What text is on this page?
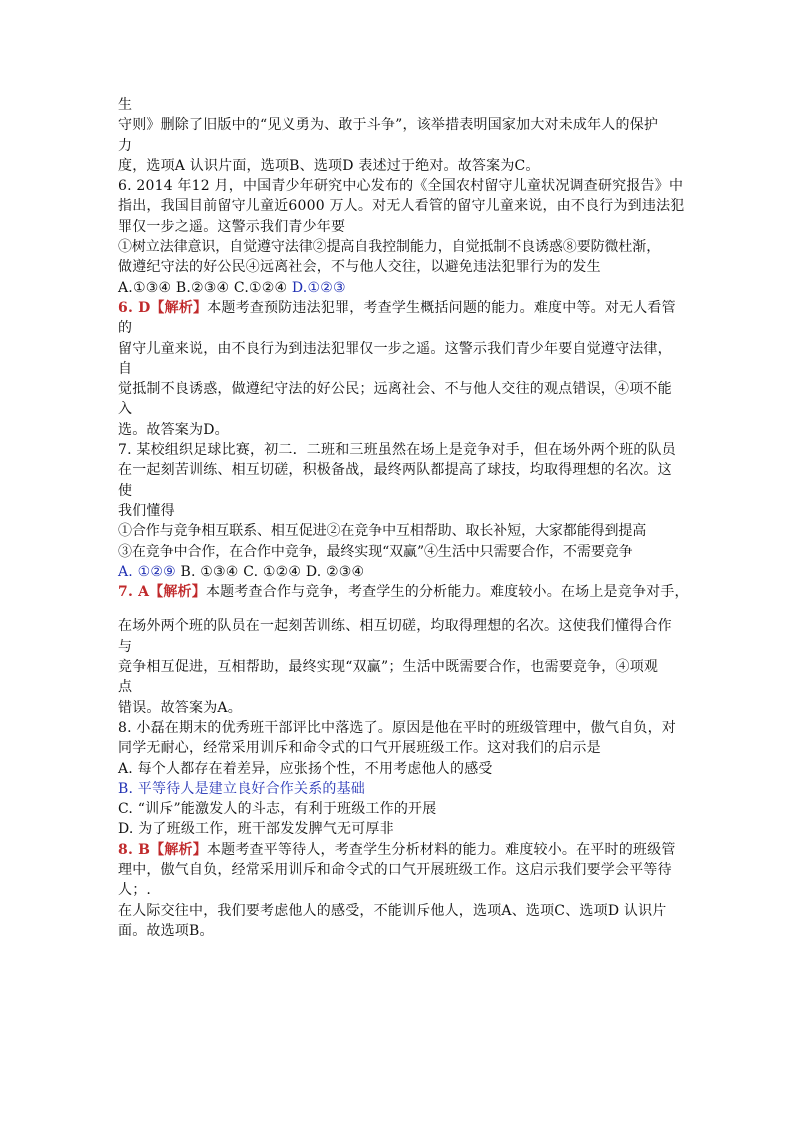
生
守则》删除了旧版中的“见义勇为、敢于斗争”，该举措表明国家加大对未成年人的保护
力
度，选项A 认识片面，选项B、选项D 表述过于绝对。故答案为C。
6. 2014 年12 月，中国青少年研究中心发布的《全国农村留守儿童状况调查研究报告》中
指出，我国目前留守儿童近6000 万人。对无人看管的留守儿童来说，由不良行为到违法犯
罪仅一步之遥。这警示我们青少年要
①树立法律意识，自觉遵守法律②提高自我控制能力，自觉抵制不良诱惑⑧要防微杜渐，
做遵纪守法的好公民④远离社会，不与他人交往，以避免违法犯罪行为的发生
A.①③④ B.②③④ C.①②④ D.①②③
6. D【解析】本题考查预防违法犯罪，考查学生概括问题的能力。难度中等。对无人看管
的
留守儿童来说，由不良行为到违法犯罪仅一步之遥。这警示我们青少年要自觉遵守法律，
自
觉抵制不良诱惑，做遵纪守法的好公民；远离社会、不与他人交往的观点错误，④项不能
入
选。故答案为D。
7. 某校组织足球比赛，初二．二班和三班虽然在场上是竞争对手，但在场外两个班的队员
在一起刻苦训练、相互切磋，积极备战，最终两队都提高了球技，均取得理想的名次。这
使
我们懂得
①合作与竞争相互联系、相互促进②在竞争中互相帮助、取长补短，大家都能得到提高
③在竞争中合作，在合作中竞争，最终实现“双赢”④生活中只需要合作，不需要竞争
A. ①②⑨ B. ①③④ C. ①②④ D. ②③④
7. A【解析】本题考查合作与竞争，考查学生的分析能力。难度较小。在场上是竞争对手，
在场外两个班的队员在一起刻苦训练、相互切磋，均取得理想的名次。这使我们懂得合作
与
竞争相互促进，互相帮助，最终实现“双赢”；生活中既需要合作，也需要竞争，④项观
点
错误。故答案为A。
8. 小磊在期末的优秀班干部评比中落选了。原因是他在平时的班级管理中，傲气自负，对
同学无耐心，经常采用训斥和命令式的口气开展班级工作。这对我们的启示是
A. 每个人都存在着差异，应张扬个性，不用考虑他人的感受
B. 平等待人是建立良好合作关系的基础
C. “训斥”能激发人的斗志，有利于班级工作的开展
D. 为了班级工作，班干部发发脾气无可厚非
8. B【解析】本题考查平等待人，考查学生分析材料的能力。难度较小。在平时的班级管
理中，傲气自负，经常采用训斥和命令式的口气开展班级工作。这启示我们要学会平等待
人；.
在人际交往中，我们要考虑他人的感受，不能训斥他人，选项A、选项C、选项D 认识片
面。故选项B。
